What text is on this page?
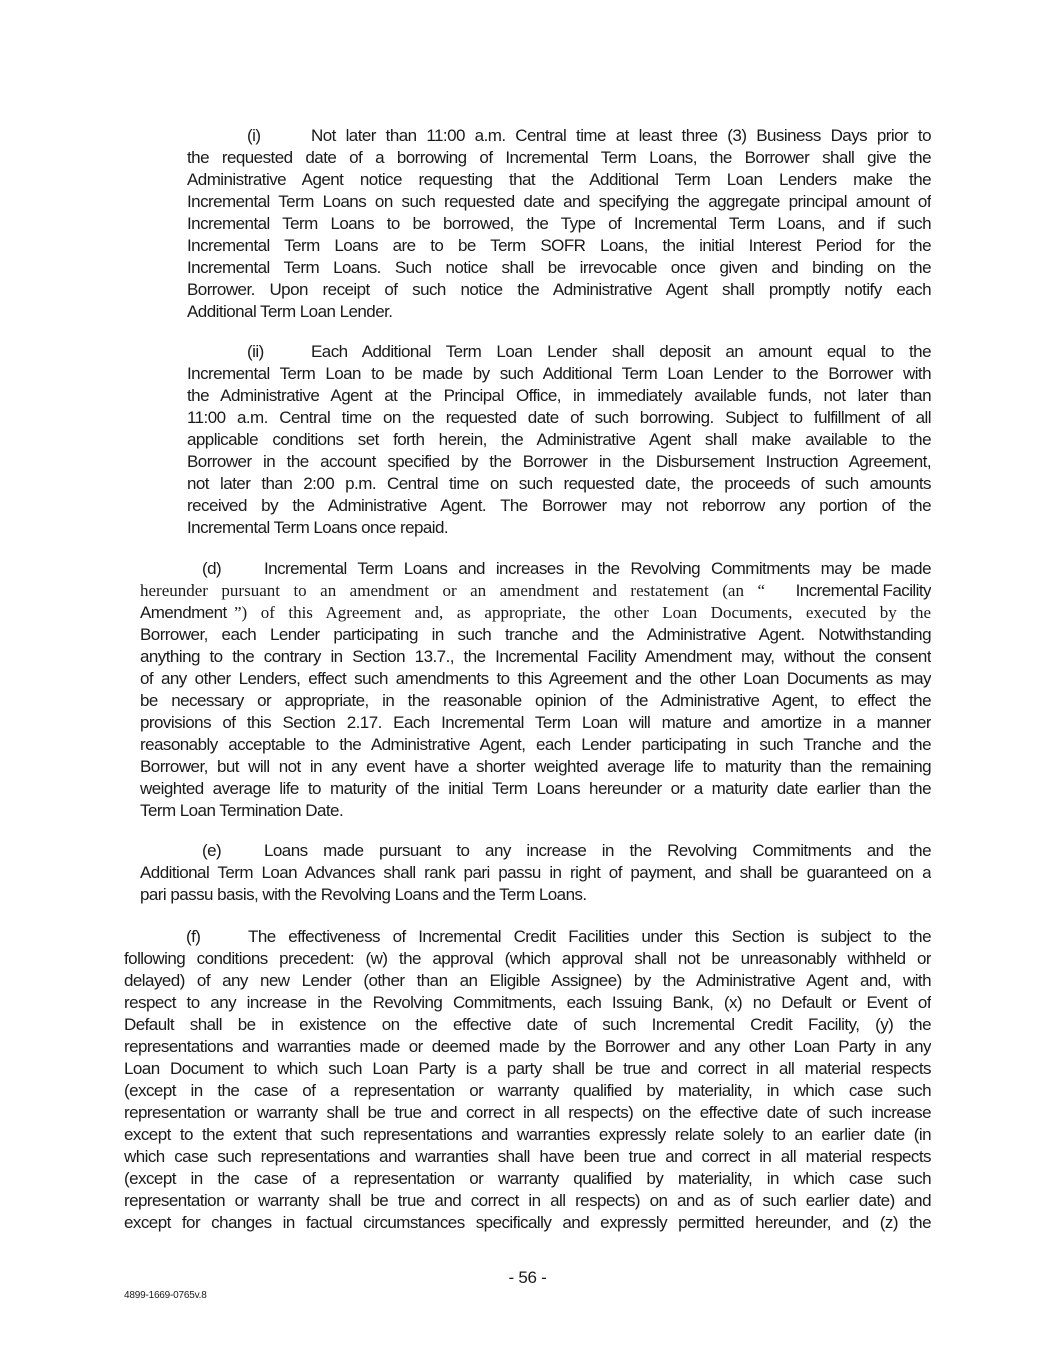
(i)	Not later than 11:00 a.m. Central time at least three (3) Business Days prior to
the requested date of a borrowing of Incremental Term Loans, the Borrower shall give the
Administrative Agent notice requesting that the Additional Term Loan Lenders make the
Incremental Term Loans on such requested date and specifying the aggregate principal amount of
Incremental Term Loans to be borrowed, the Type of Incremental Term Loans, and if such
Incremental Term Loans are to be Term SOFR Loans, the initial Interest Period for the
Incremental Term Loans. Such notice shall be irrevocable once given and binding on the
Borrower. Upon receipt of such notice the Administrative Agent shall promptly notify each
Additional Term Loan Lender.
(ii)	Each Additional Term Loan Lender shall deposit an amount equal to the
Incremental Term Loan to be made by such Additional Term Loan Lender to the Borrower with
the Administrative Agent at the Principal Office, in immediately available funds, not later than
11:00 a.m. Central time on the requested date of such borrowing. Subject to fulfillment of all
applicable conditions set forth herein, the Administrative Agent shall make available to the
Borrower in the account specified by the Borrower in the Disbursement Instruction Agreement,
not later than 2:00 p.m. Central time on such requested date, the proceeds of such amounts
received by the Administrative Agent. The Borrower may not reborrow any portion of the
Incremental Term Loans once repaid.
(d)	Incremental Term Loans and increases in the Revolving Commitments may be made
hereunder pursuant to an amendment or an amendment and restatement (an “ Incremental Facility
Amendment ”) of this Agreement and, as appropriate, the other Loan Documents, executed by the
Borrower, each Lender participating in such tranche and the Administrative Agent. Notwithstanding
anything to the contrary in Section 13.7., the Incremental Facility Amendment may, without the consent
of any other Lenders, effect such amendments to this Agreement and the other Loan Documents as may
be necessary or appropriate, in the reasonable opinion of the Administrative Agent, to effect the
provisions of this Section 2.17. Each Incremental Term Loan will mature and amortize in a manner
reasonably acceptable to the Administrative Agent, each Lender participating in such Tranche and the
Borrower, but will not in any event have a shorter weighted average life to maturity than the remaining
weighted average life to maturity of the initial Term Loans hereunder or a maturity date earlier than the
Term Loan Termination Date.
(e)	Loans made pursuant to any increase in the Revolving Commitments and the
Additional Term Loan Advances shall rank pari passu in right of payment, and shall be guaranteed on a
pari passu basis, with the Revolving Loans and the Term Loans.
(f)	The effectiveness of Incremental Credit Facilities under this Section is subject to the
following conditions precedent: (w) the approval (which approval shall not be unreasonably withheld or
delayed) of any new Lender (other than an Eligible Assignee) by the Administrative Agent and, with
respect to any increase in the Revolving Commitments, each Issuing Bank, (x) no Default or Event of
Default shall be in existence on the effective date of such Incremental Credit Facility, (y) the
representations and warranties made or deemed made by the Borrower and any other Loan Party in any
Loan Document to which such Loan Party is a party shall be true and correct in all material respects
(except in the case of a representation or warranty qualified by materiality, in which case such
representation or warranty shall be true and correct in all respects) on the effective date of such increase
except to the extent that such representations and warranties expressly relate solely to an earlier date (in
which case such representations and warranties shall have been true and correct in all material respects
(except in the case of a representation or warranty qualified by materiality, in which case such
representation or warranty shall be true and correct in all respects) on and as of such earlier date) and
except for changes in factual circumstances specifically and expressly permitted hereunder, and (z) the
- 56 -
4899-1669-0765v.8
